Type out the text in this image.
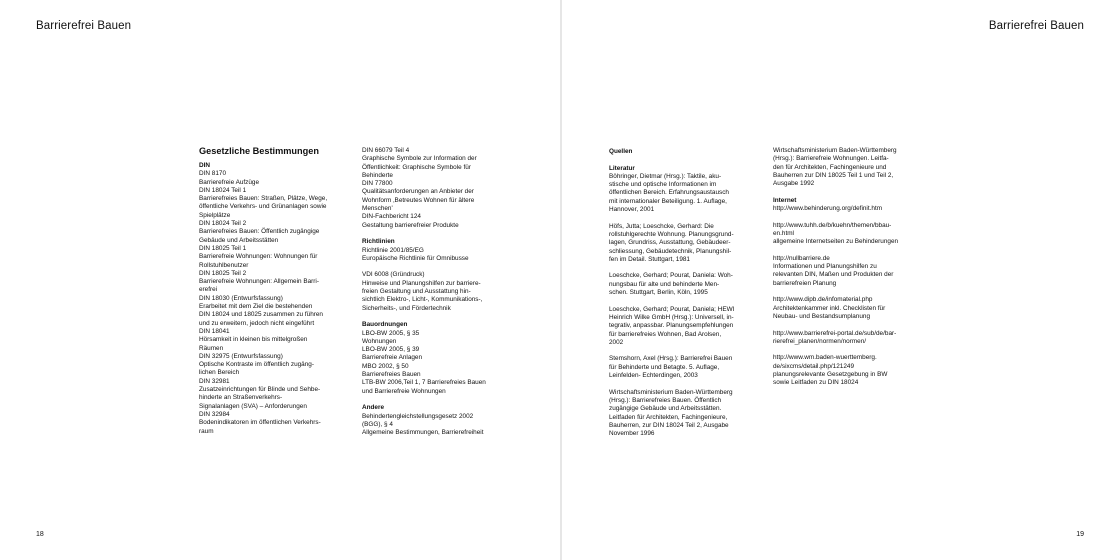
Barrierefrei Bauen
Gesetzliche Bestimmungen
DIN
DIN 8170
Barrierefreie Aufzüge
DIN 18024 Teil 1
Barrierefreies Bauen: Straßen, Plätze, Wege,
öffentliche Verkehrs- und Grünanlagen sowie
Spielplätze
DIN 18024 Teil 2
Barrierefreies Bauen: Öffentlich zugängige
Gebäude und Arbeitsstätten
DIN 18025 Teil 1
Barrierefreie Wohnungen: Wohnungen für
Rollstuhlbenutzer
DIN 18025 Teil 2
Barrierefreie Wohnungen: Allgemein Barri-
erefrei
DIN 18030 (Entwurfsfassung)
Erarbeitet mit dem Ziel die bestehenden
DIN 18024 und 18025 zusammen zu führen
und zu erweitern, jedoch nicht eingeführt
DIN 18041
Hörsamkeit in kleinen bis mittelgroßen
Räumen
DIN 32975 (Entwurfsfassung)
Optische Kontraste im öffentlich zugäng-
lichen Bereich
DIN 32981
Zusatzeinrichtungen für Blinde und Sehbe-
hinderte an Straßenverkehrs-
Signalanlagen (SVA) – Anforderungen
DIN 32984
Bodenindikatoren im öffentlichen Verkehrs-
raum
DIN 66079 Teil 4
Graphische Symbole zur Information der
Öffentlichkeit: Graphische Symbole für
Behinderte
DIN 77800
Qualitätsanforderungen an Anbieter der
Wohnform ‚Betreutes Wohnen für ältere
Menschen'
DIN-Fachbericht 124
Gestaltung barrierefreier Produkte
Richtlinien
Richtlinie 2001/85/EG
Europäische Richtlinie für Omnibusse
VDI 6008 (Gründruck)
Hinweise und Planungshilfen zur barriere-
freien Gestaltung und Ausstattung hin-
sichtlich Elektro-, Licht-, Kommunikations-,
Sicherheits-, und Fördertechnik
Bauordnungen
LBO-BW 2005, § 35
Wohnungen
LBO-BW 2005, § 39
Barrierefreie Anlagen
MBO 2002, § 50
Barrierefreies Bauen
LTB-BW 2006,Teil 1, 7 Barrierefreies Bauen
und Barrierefreie Wohnungen
Andere
Behindertengleichstellungsgesetz 2002
(BGG), § 4
Allgemeine Bestimmungen, Barrierefreiheit
18
Barrierefrei Bauen
Quellen
Literatur
Böhringer, Dietmar (Hrsg.): Taktile, aku-
stische und optische Informationen im
öffentlichen Bereich. Erfahrungsaustausch
mit internationaler Beteiligung. 1. Auflage,
Hannover, 2001
Höfs, Jutta; Loeschcke, Gerhard: Die
rollstuhlgerechte Wohnung. Planungsgrund-
lagen, Grundriss, Ausstattung, Gebäudeer-
schliessung, Gebäudetechnik, Planungshil-
fen im Detail. Stuttgart, 1981
Loeschcke, Gerhard; Pourat, Daniela: Woh-
nungsbau für alte und behinderte Men-
schen. Stuttgart, Berlin, Köln, 1995
Loeschcke, Gerhard; Pourat, Daniela; HEWI
Heinrich Wilke GmbH (Hrsg.): Universell, in-
tegrativ, anpassbar. Planungsempfehlungen
für barrierefreies Wohnen, Bad Arolsen,
2002
Stemshorn, Axel (Hrsg.): Barrierefrei Bauen
für Behinderte und Betagte. 5. Auflage,
Leinfelden- Echterdingen, 2003
Wirtschaftsministerium Baden-Württemberg
(Hrsg.): Barrierefreies Bauen. Öffentlich
zugängige Gebäude und Arbeitsstätten.
Leitfaden für Architekten, Fachingenieure,
Bauherren, zur DIN 18024 Teil 2, Ausgabe
November 1996
Wirtschaftsministerium Baden-Württemberg
(Hrsg.): Barrierefreie Wohnungen. Leitfa-
den für Architekten, Fachingenieure und
Bauherren zur DIN 18025 Teil 1 und Teil 2,
Ausgabe 1992
Internet
http://www.behinderung.org/definit.htm
http://www.tuhh.de/b/kuehn/themen/bbau-
en.html
allgemeine Internetseiten zu Behinderungen
http://nullbarriere.de
Informationen und Planungshilfen zu
relevanten DIN, Maßen und Produkten der
barrierefreien Planung
http://www.dipb.de/infomaterial.php
Architektenkammer inkl. Checklisten für
Neubau- und Bestandsumplanung
http://www.barrierefrei-portal.de/sub/de/bar-
rierefrei_planen/normen/normen/
http://www.wm.baden-wuerttemberg.
de/sixcms/detail.php/121249
planungsrelevante Gesetzgebung in BW
sowie Leitfaden zu DIN 18024
19
